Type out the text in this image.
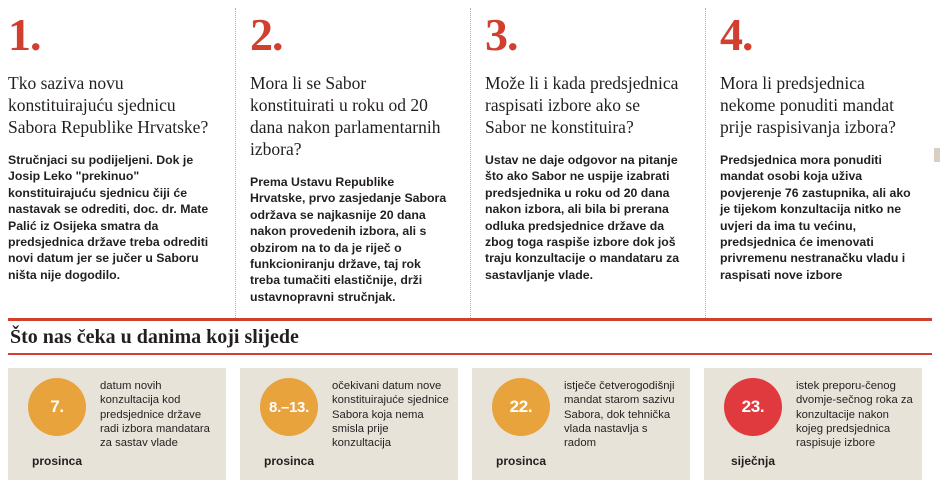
1.
Tko saziva novu konstituirajuću sjednicu Sabora Republike Hrvatske?
Stručnjaci su podijeljeni. Dok je Josip Leko "prekinuo" konstituirajuću sjednicu čiji će nastavak se odrediti, doc. dr. Mate Palić iz Osijeka smatra da predsjednica države treba odrediti novi datum jer se jučer u Saboru ništa nije dogodilo.
2.
Mora li se Sabor konstituirati u roku od 20 dana nakon parlamentarnih izbora?
Prema Ustavu Republike Hrvatske, prvo zasjedanje Sabora održava se najkasnije 20 dana nakon provedenih izbora, ali s obzirom na to da je riječ o funkcioniranju države, taj rok treba tumačiti elastičnije, drži ustavnopravni stručnjak.
3.
Može li i kada predsjednica raspisati izbore ako se Sabor ne konstituira?
Ustav ne daje odgovor na pitanje što ako Sabor ne uspije izabrati predsjednika u roku od 20 dana nakon izbora, ali bila bi prerana odluka predsjednice države da zbog toga raspiše izbore dok još traju konzultacije o mandataru za sastavljanje vlade.
4.
Mora li predsjednica nekome ponuditi mandat prije raspisivanja izbora?
Predsjednica mora ponuditi mandat osobi koja uživa povjerenje 76 zastupnika, ali ako je tijekom konzultacija nitko ne uvjeri da ima tu većinu, predsjednica će imenovati privremenu nestranačku vladu i raspisati nove izbore
Što nas čeka u danima koji slijede
7.
prosinca
datum novih konzultacija kod predsjednice države radi izbora mandatara za sastav vlade
8.–13.
prosinca
očekivani datum nove konstituirajuće sjednice Sabora koja nema smisla prije konzultacija
22.
prosinca
istječe četverogodišnji mandat starom sazivu Sabora, dok tehnička vlada nastavlja s radom
23.
siječnja
istek preporu-čenog dvomje-sečnog roka za konzultacije nakon kojeg predsjednica raspisuje izbore
